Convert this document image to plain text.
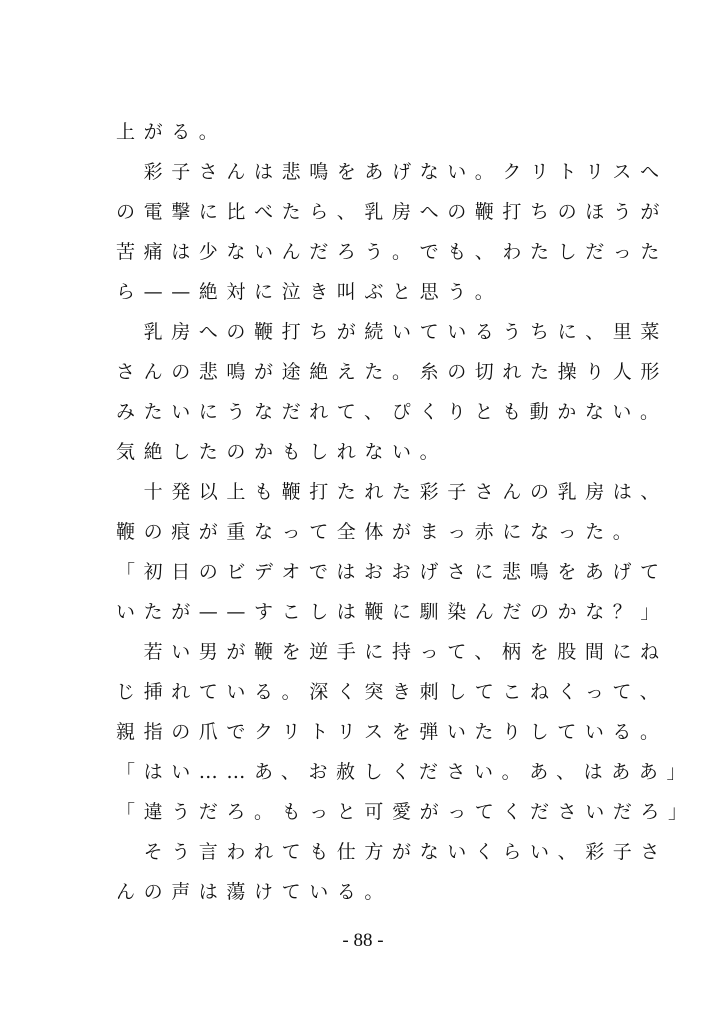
上がる。
　彩子さんは悲鳴をあげない。クリトリスへ
の電撃に比べたら、乳房への鞭打ちのほうが
苦痛は少ないんだろう。でも、わたしだった
ら——絶対に泣き叫ぶと思う。
　乳房への鞭打ちが続いているうちに、里菜
さんの悲鳴が途絶えた。糸の切れた操り人形
みたいにうなだれて、ぴくりとも動かない。
気絶したのかもしれない。
　十発以上も鞭打たれた彩子さんの乳房は、
鞭の痕が重なって全体がまっ赤になった。
「初日のビデオではおおげさに悲鳴をあげて
いたが——すこしは鞭に馴染んだのかな？」
　若い男が鞭を逆手に持って、柄を股間にね
じ挿れている。深く突き刺してこねくって、
親指の爪でクリトリスを弾いたりしている。
「はい……あ、お赦しください。あ、はああ」
「違うだろ。もっと可愛がってくださいだろ」
　そう言われても仕方がないくらい、彩子さ
んの声は蕩けている。
- 88 -
